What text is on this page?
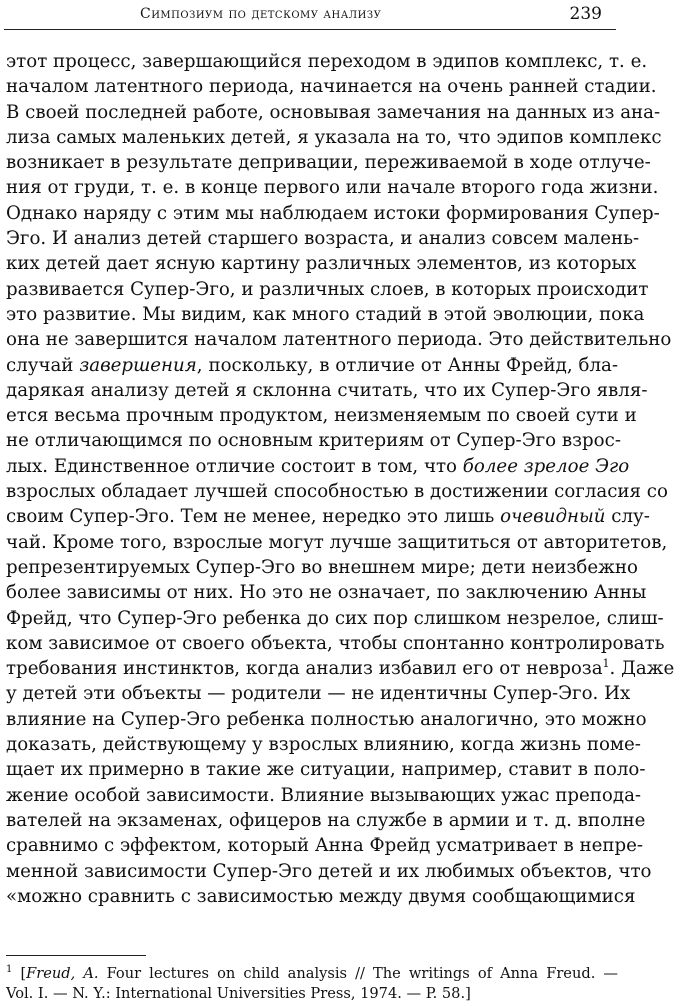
Симпозиум по детскому анализу	239
этот процесс, завершающийся переходом в эдипов комплекс, т. е.
началом латентного периода, начинается на очень ранней стадии.
В своей последней работе, основывая замечания на данных из ана-
лиза самых маленьких детей, я указала на то, что эдипов комплекс
возникает в результате депривации, переживаемой в ходе отлуче-
ния от груди, т. е. в конце первого или начале второго года жизни.
Однако наряду с этим мы наблюдаем истоки формирования Супер-
Эго. И анализ детей старшего возраста, и анализ совсем малень-
ких детей дает ясную картину различных элементов, из которых
развивается Супер-Эго, и различных слоев, в которых происходит
это развитие. Мы видим, как много стадий в этой эволюции, пока
она не завершится началом латентного периода. Это действительно
случай завершения, поскольку, в отличие от Анны Фрейд, бла-
дарякая анализу детей я склонна считать, что их Супер-Эго явля-
ется весьма прочным продуктом, неизменяемым по своей сути и
не отличающимся по основным критериям от Супер-Эго взрос-
лых. Единственное отличие состоит в том, что более зрелое Эго
взрослых обладает лучшей способностью в достижении согласия со
своим Супер-Эго. Тем не менее, нередко это лишь очевидный слу-
чай. Кроме того, взрослые могут лучше защититься от авторитетов,
репрезентируемых Супер-Эго во внешнем мире; дети неизбежно
более зависимы от них. Но это не означает, по заключению Анны
Фрейд, что Супер-Эго ребенка до сих пор слишком незрелое, слиш-
ком зависимое от своего объекта, чтобы спонтанно контролировать
требования инстинктов, когда анализ избавил его от невроза$^1$. Даже
у детей эти объекты — родители — не идентичны Супер-Эго. Их
влияние на Супер-Эго ребенка полностью аналогично, это можно
доказать, действующему у взрослых влиянию, когда жизнь поме-
щает их примерно в такие же ситуации, например, ставит в поло-
жение особой зависимости. Влияние вызывающих ужас препода-
вателей на экзаменах, офицеров на службе в армии и т. д. вполне
сравнимо с эффектом, который Анна Фрейд усматривает в непре-
менной зависимости Супер-Эго детей и их любимых объектов, что
«можно сравнить с зависимостью между двумя сообщающимися
$^1$ [Freud, A. Four lectures on child analysis // The writings of Anna Freud. —
Vol. I. — N. Y.: International Universities Press, 1974. — P. 58.]
